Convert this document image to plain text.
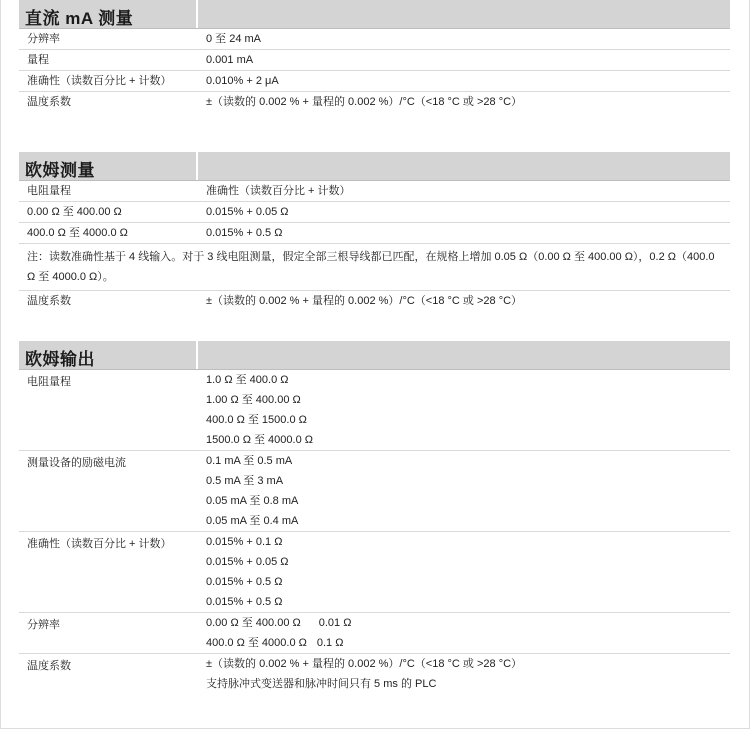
直流 mA 测量
分辨率	0 至 24 mA
量程	0.001 mA
准确性（读数百分比 + 计数）	0.010% + 2 μA
温度系数	±（读数的 0.002 % + 量程的 0.002 %）/°C（<18 °C 或 >28 °C）
欧姆测量
电阻量程	准确性（读数百分比 + 计数）
0.00 Ω 至 400.00 Ω	0.015% + 0.05 Ω
400.0 Ω 至 4000.0 Ω	0.015% + 0.5 Ω
注：读数准确性基于 4 线输入。对于 3 线电阻测量，假定全部三根导线都已匹配，在规格上增加 0.05 Ω（0.00 Ω 至 400.00 Ω），0.2 Ω（400.0 Ω 至 4000.0 Ω）。
温度系数	±（读数的 0.002 % + 量程的 0.002 %）/°C（<18 °C 或 >28 °C）
欧姆输出
电阻量程	1.0 Ω 至 400.0 Ω
1.00 Ω 至 400.00 Ω
400.0 Ω 至 1500.0 Ω
1500.0 Ω 至 4000.0 Ω
测量设备的励磁电流	0.1 mA 至 0.5 mA
0.5 mA 至 3 mA
0.05 mA 至 0.8 mA
0.05 mA 至 0.4 mA
准确性（读数百分比 + 计数）	0.015% + 0.1 Ω
0.015% + 0.05 Ω
0.015% + 0.5 Ω
0.015% + 0.5 Ω
分辨率	0.00 Ω 至 400.00 Ω 0.01 Ω
400.0 Ω 至 4000.0 Ω 0.1 Ω
温度系数	±（读数的 0.002 % + 量程的 0.002 %）/°C（<18 °C 或 >28 °C）
支持脉冲式变送器和脉冲时间只有 5 ms 的 PLC
